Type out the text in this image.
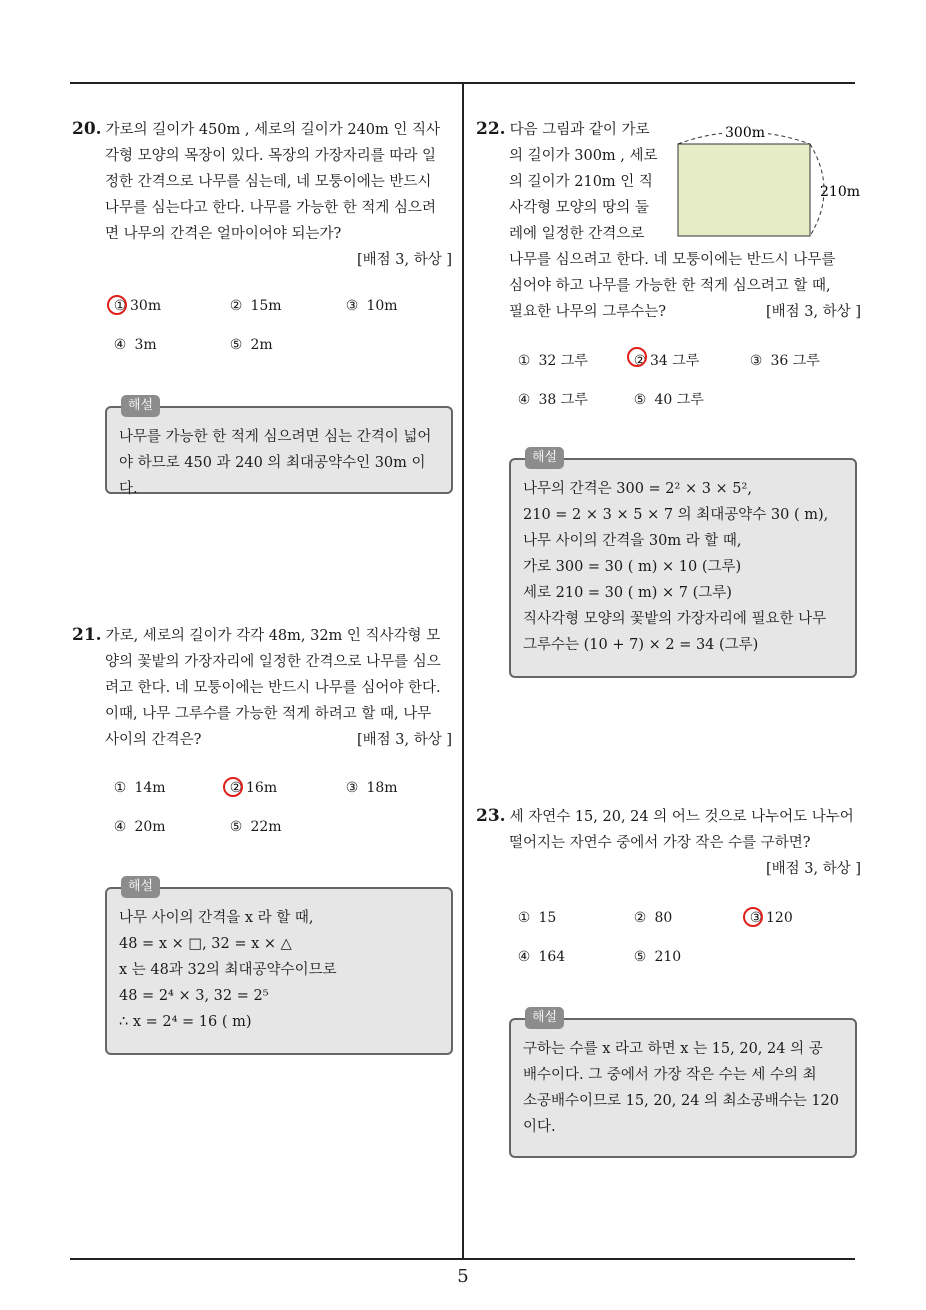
20. 가로의 길이가 450m , 세로의 길이가 240m 인 직사
각형 모양의 목장이 있다. 목장의 가장자리를 따라 일
정한 간격으로 나무를 심는데, 네 모퉁이에는 반드시
나무를 심는다고 한다. 나무를 가능한 한 적게 심으려
면 나무의 간격은 얼마이어야 되는가?
[배점 3, 하상 ]
① 30m	② 15m	③ 10m
④ 3m	⑤ 2m
해설
나무를 가능한 한 적게 심으려면 심는 간격이 넓어
야 하므로 450 과 240 의 최대공약수인 30m 이다.
21. 가로, 세로의 길이가 각각 48m, 32m 인 직사각형 모
양의 꽃밭의 가장자리에 일정한 간격으로 나무를 심으
려고 한다. 네 모퉁이에는 반드시 나무를 심어야 한다.
이때, 나무 그루수를 가능한 적게 하려고 할 때, 나무
사이의 간격은?	[배점 3, 하상 ]
① 14m	② 16m	③ 18m
④ 20m	⑤ 22m
해설
나무 사이의 간격을 x 라 할 때,
48 = x × □, 32 = x × △
x 는 48과 32의 최대공약수이므로
48 = 2⁴ × 3, 32 = 2⁵
∴ x = 2⁴ = 16 ( m)
22. 다음 그림과 같이 가로
의 길이가 300m , 세로
의 길이가 210m 인 직
사각형 모양의 땅의 둘
레에 일정한 간격으로
나무를 심으려고 한다. 네 모퉁이에는 반드시 나무를
심어야 하고 나무를 가능한 한 적게 심으려고 할 때,
필요한 나무의 그루수는?	[배점 3, 하상 ]
300m
210m
① 32 그루	② 34 그루	③ 36 그루
④ 38 그루	⑤ 40 그루
해설
나무의 간격은 300 = 2² × 3 × 5²,
210 = 2 × 3 × 5 × 7 의 최대공약수 30 ( m),
나무 사이의 간격을 30m 라 할 때,
가로 300 = 30 ( m) × 10 (그루)
세로 210 = 30 ( m) × 7 (그루)
직사각형 모양의 꽃밭의 가장자리에 필요한 나무
그루수는 (10 + 7) × 2 = 34 (그루)
23. 세 자연수 15, 20, 24 의 어느 것으로 나누어도 나누어
떨어지는 자연수 중에서 가장 작은 수를 구하면?
[배점 3, 하상 ]
① 15	② 80	③ 120
④ 164	⑤ 210
해설
구하는 수를 x 라고 하면 x 는 15, 20, 24 의 공
배수이다. 그 중에서 가장 작은 수는 세 수의 최
소공배수이므로 15, 20, 24 의 최소공배수는 120
이다.
5
